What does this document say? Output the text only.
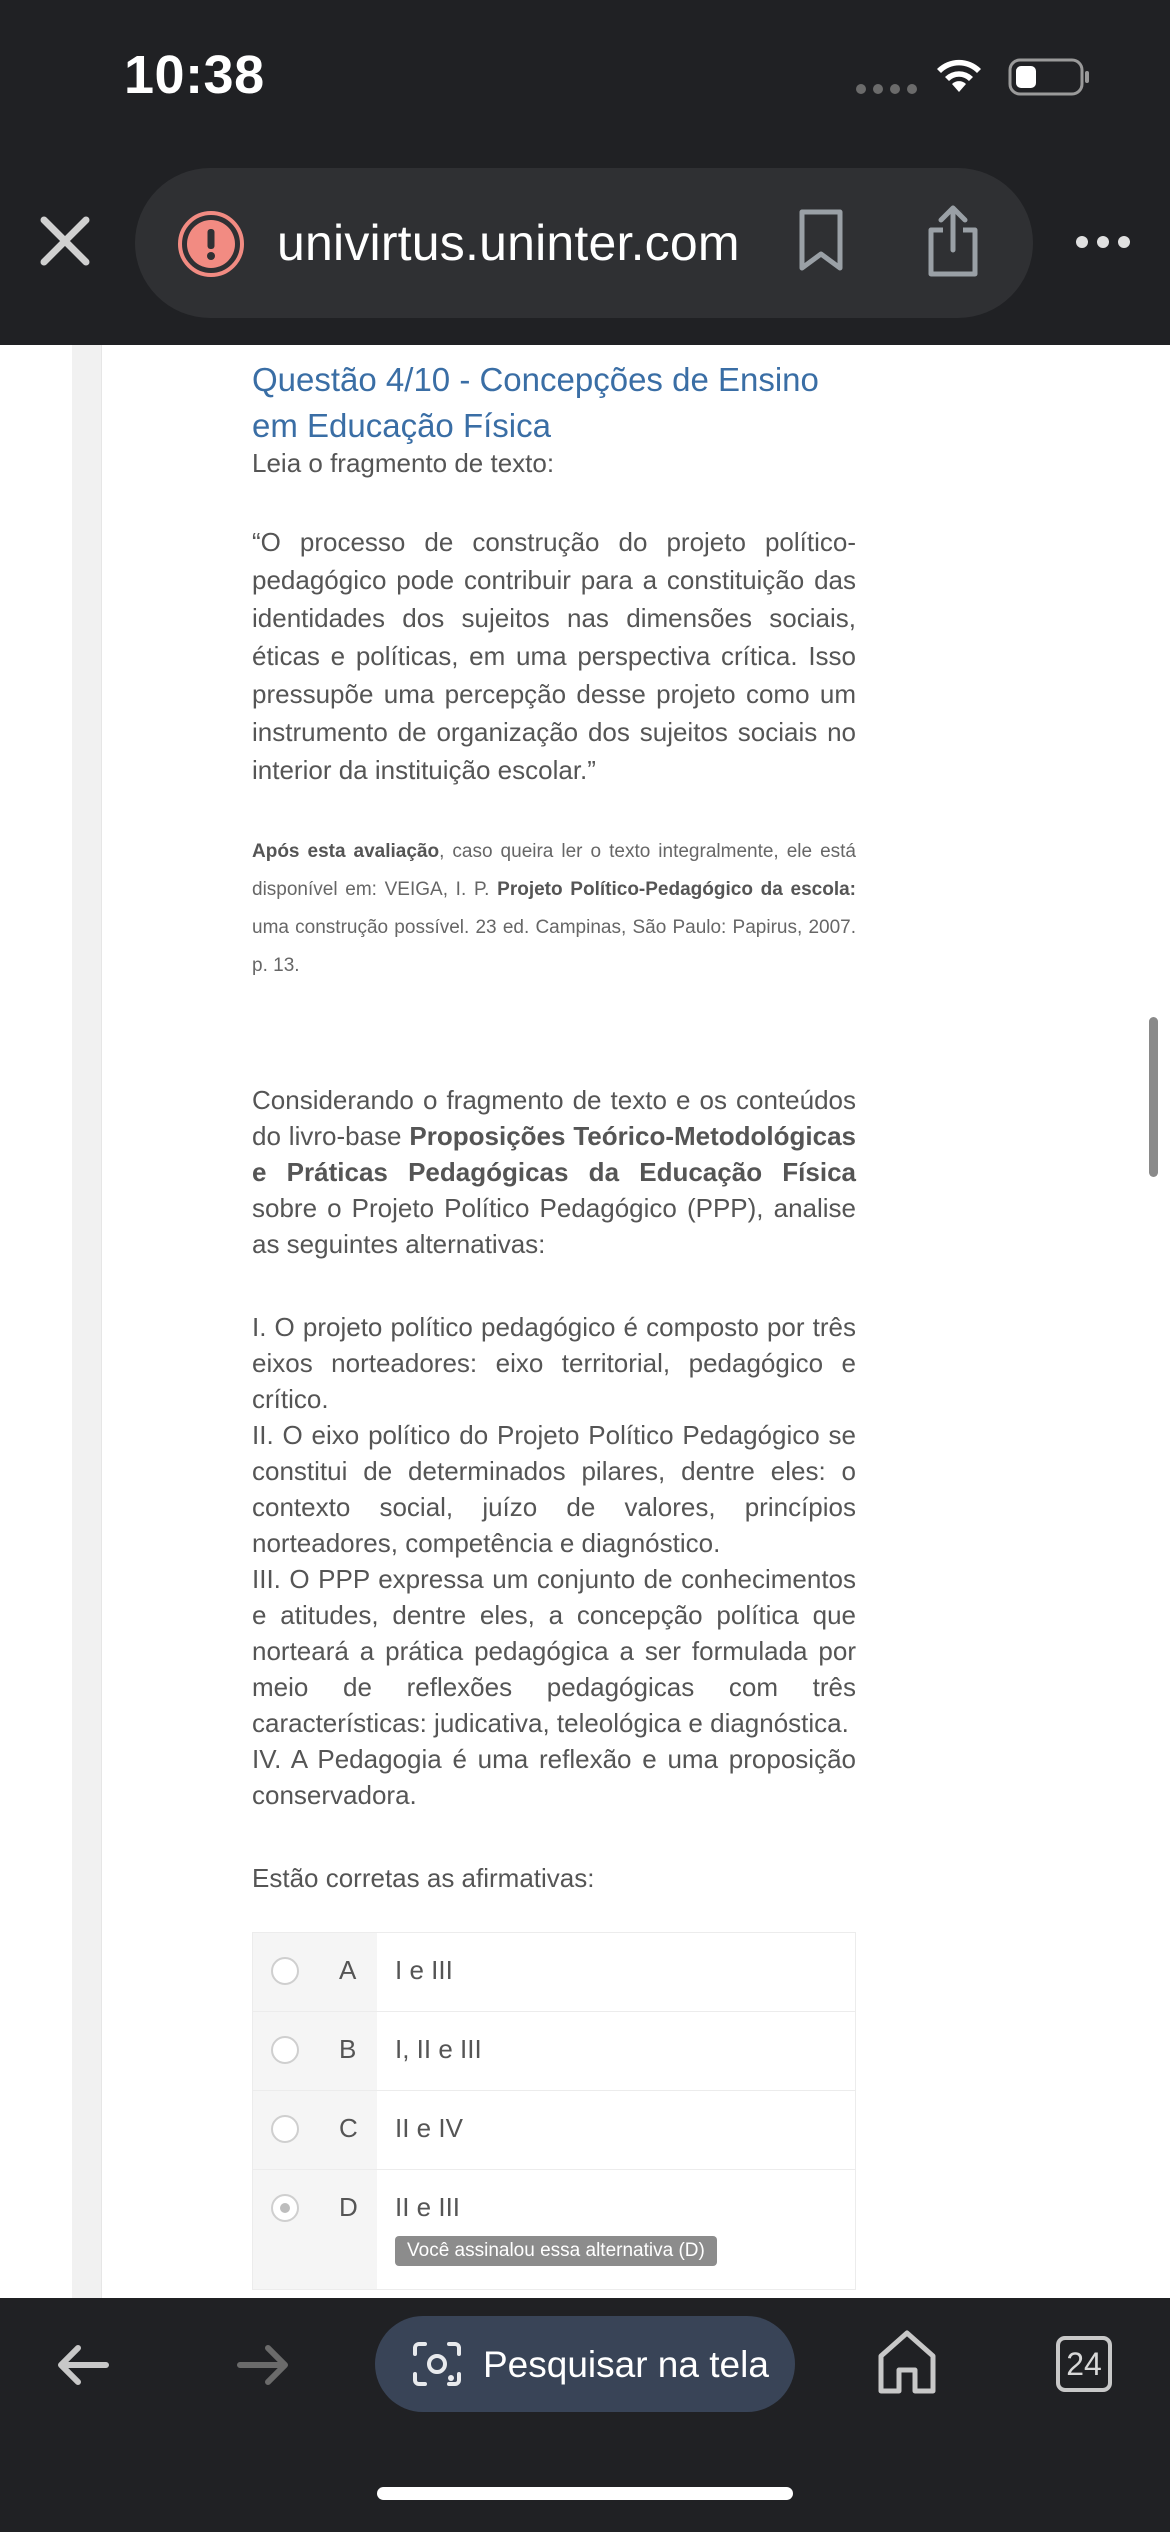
10:38
univirtus.uninter.com
Questão 4/10 - Concepções de Ensino em Educação Física
Leia o fragmento de texto:
“O processo de construção do projeto político-pedagógico pode contribuir para a constituição das identidades dos sujeitos nas dimensões sociais, éticas e políticas, em uma perspectiva crítica. Isso pressupõe uma percepção desse projeto como um instrumento de organização dos sujeitos sociais no interior da instituição escolar.”
Após esta avaliação, caso queira ler o texto integralmente, ele está disponível em: VEIGA, I. P. Projeto Político-Pedagógico da escola: uma construção possível. 23 ed. Campinas, São Paulo: Papirus, 2007. p. 13.
Considerando o fragmento de texto e os conteúdos do livro-base Proposições Teórico-Metodológicas e Práticas Pedagógicas da Educação Física sobre o Projeto Político Pedagógico (PPP), analise as seguintes alternativas:
I. O projeto político pedagógico é composto por três eixos norteadores: eixo territorial, pedagógico e crítico.
II. O eixo político do Projeto Político Pedagógico se constitui de determinados pilares, dentre eles: o contexto social, juízo de valores, princípios norteadores, competência e diagnóstico.
III. O PPP expressa um conjunto de conhecimentos e atitudes, dentre eles, a concepção política que norteará a prática pedagógica a ser formulada por meio de reflexões pedagógicas com três características: judicativa, teleológica e diagnóstica.
IV. A Pedagogia é uma reflexão e uma proposição conservadora.
Estão corretas as afirmativas:
A	I e III
B	I, II e III
C	II e IV
D	II e III
Você assinalou essa alternativa (D)
Pesquisar na tela	24
